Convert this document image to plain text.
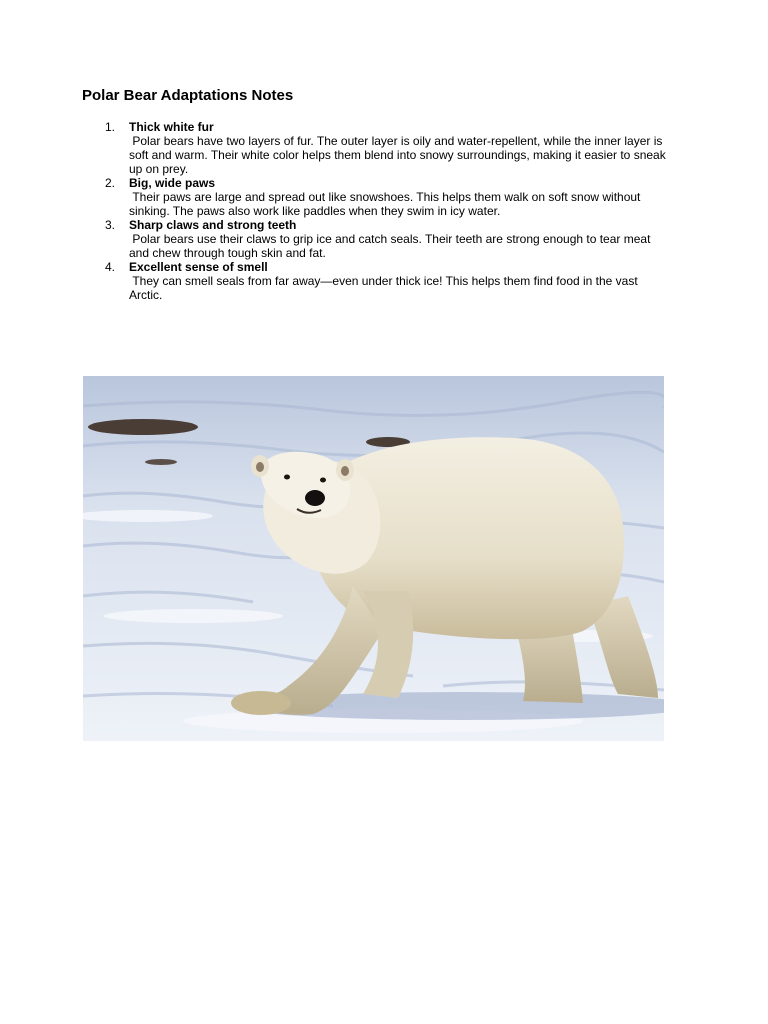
Polar Bear Adaptations Notes
1. Thick white fur
Polar bears have two layers of fur. The outer layer is oily and water-repellent, while the inner layer is soft and warm. Their white color helps them blend into snowy surroundings, making it easier to sneak up on prey.
2. Big, wide paws
Their paws are large and spread out like snowshoes. This helps them walk on soft snow without sinking. The paws also work like paddles when they swim in icy water.
3. Sharp claws and strong teeth
Polar bears use their claws to grip ice and catch seals. Their teeth are strong enough to tear meat and chew through tough skin and fat.
4. Excellent sense of smell
They can smell seals from far away—even under thick ice! This helps them find food in the vast Arctic.
